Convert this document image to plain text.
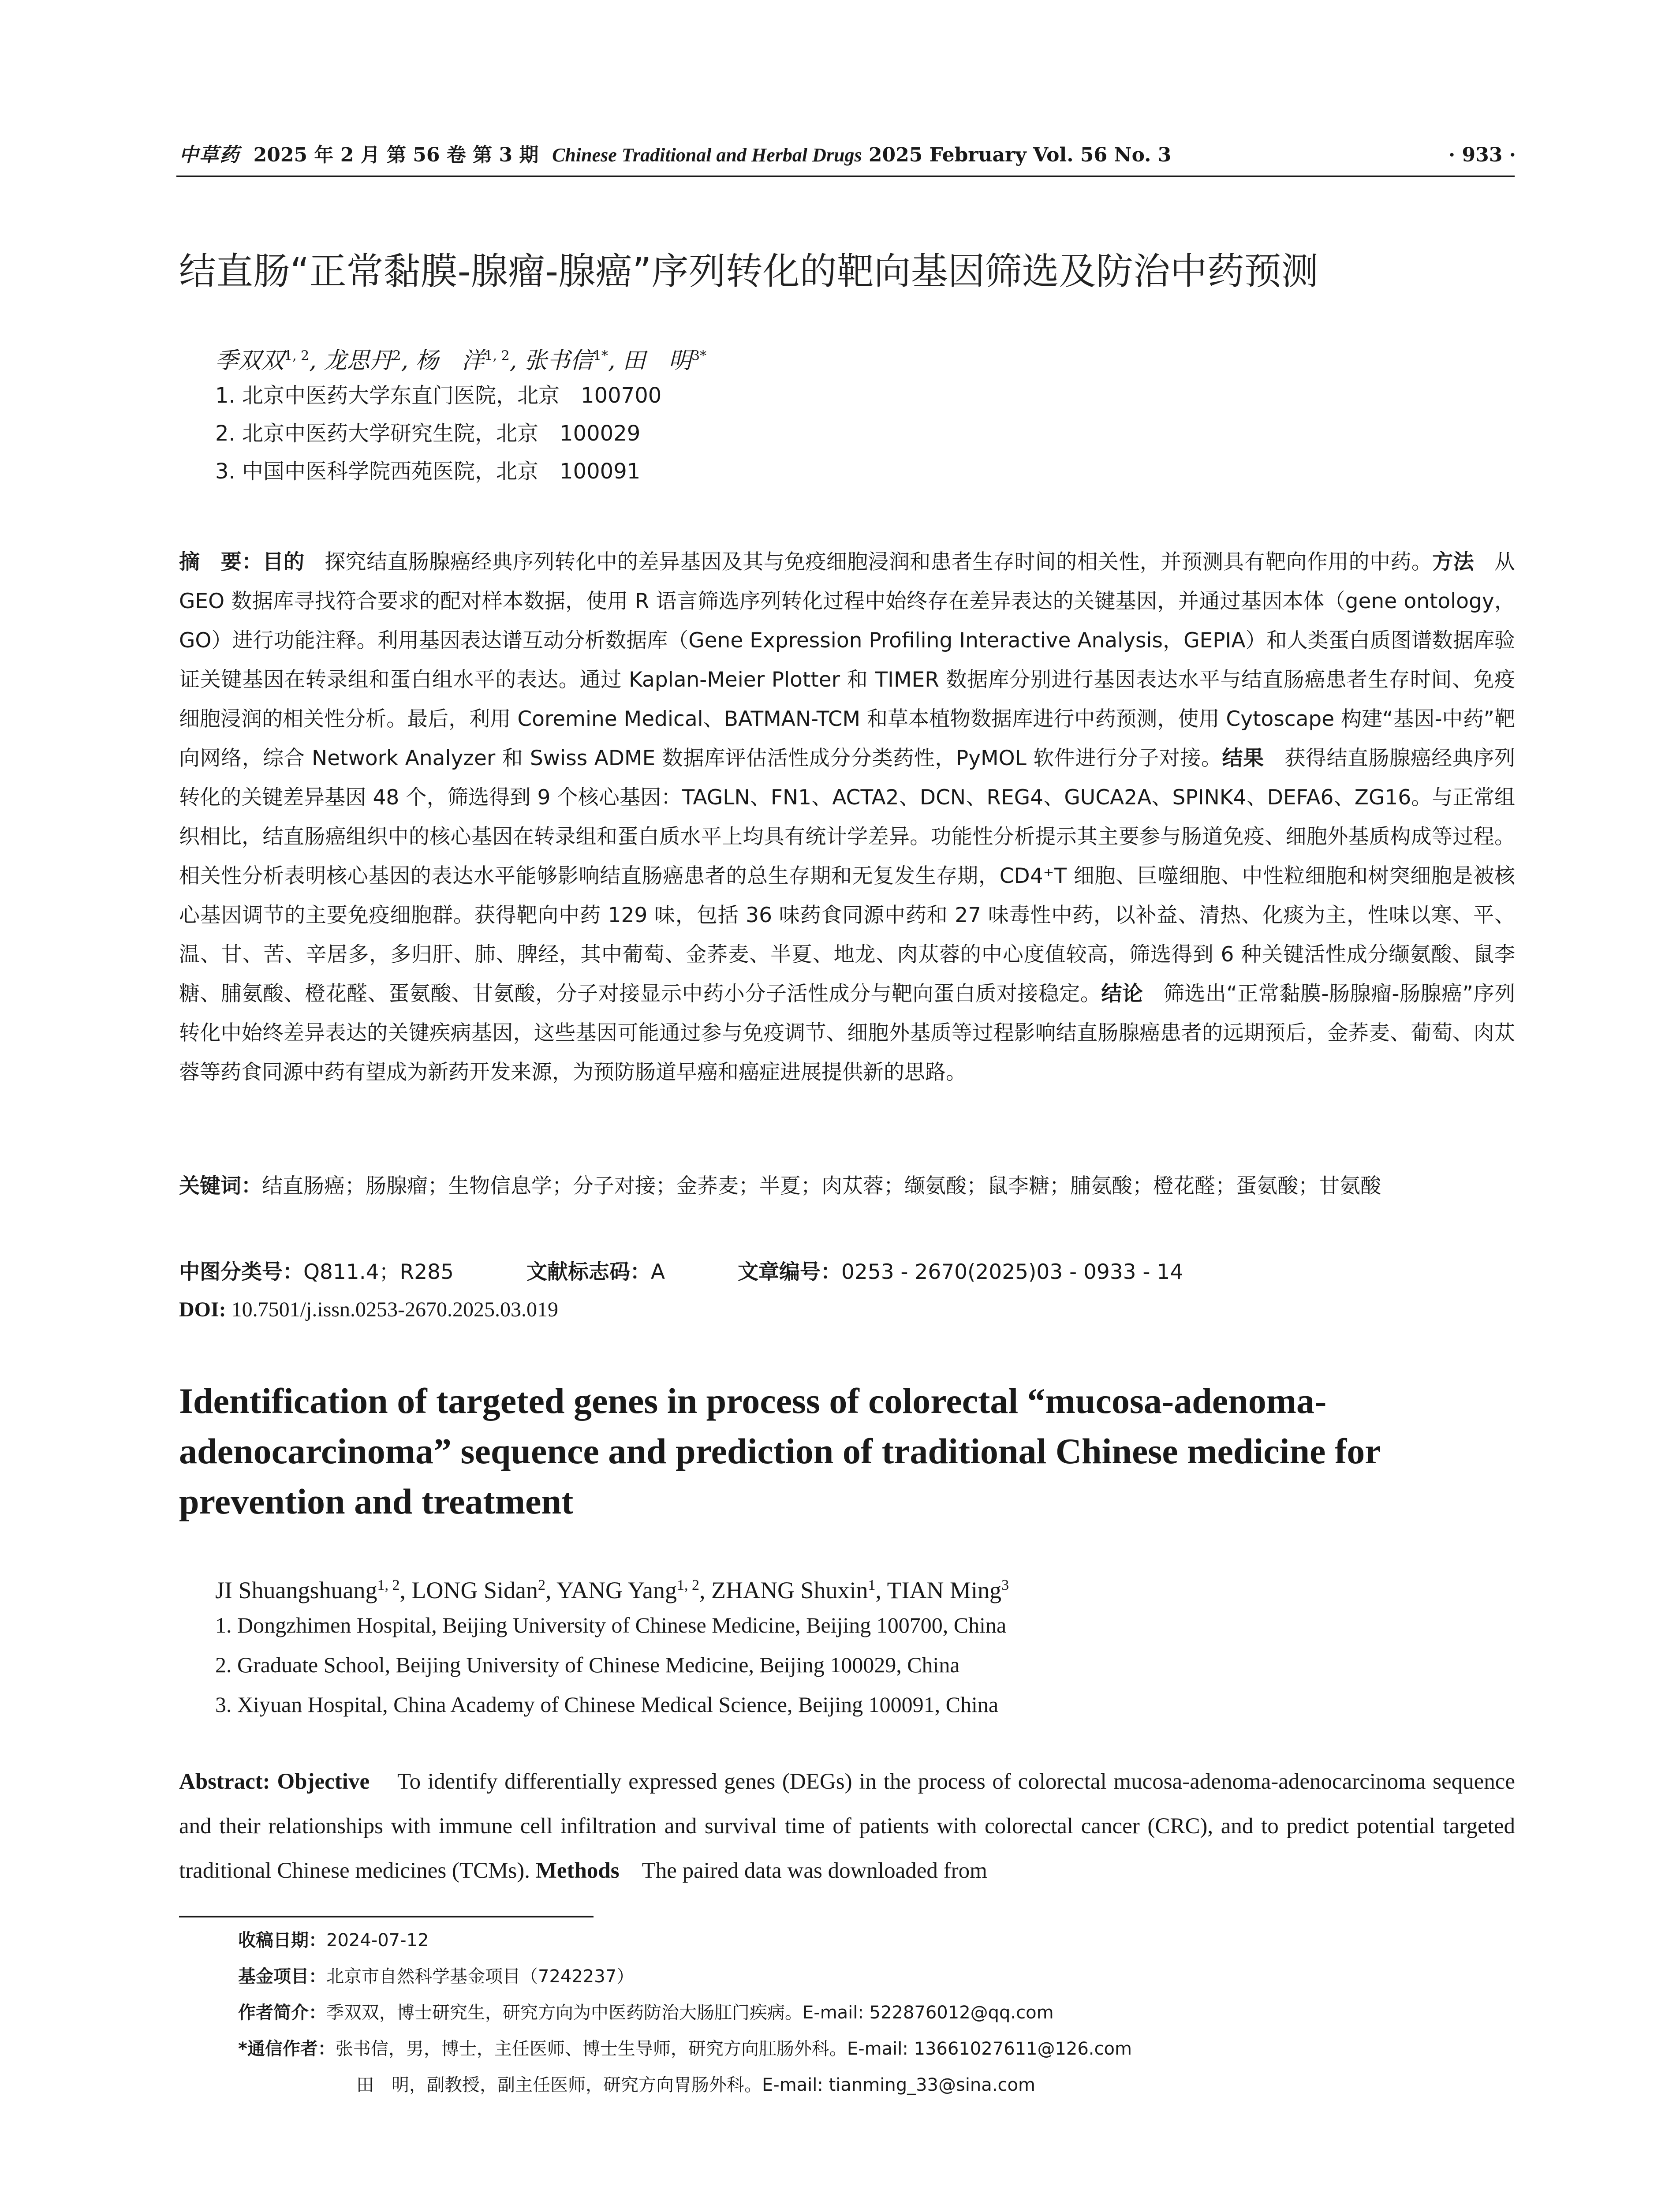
中草药 2025 年 2 月 第 56 卷 第 3 期 Chinese Traditional and Herbal Drugs 2025 February Vol. 56 No. 3	· 933 ·
结直肠“正常黏膜-腺瘤-腺癌”序列转化的靶向基因筛选及防治中药预测
季双双$^{1, 2}$, 龙思丹$^2$, 杨　洋$^{1, 2}$, 张书信$^{1*}$, 田　明$^{3*}$
1. 北京中医药大学东直门医院，北京　100700
2. 北京中医药大学研究生院，北京　100029
3. 中国中医科学院西苑医院，北京　100091
摘　要：目的 探究结直肠腺癌经典序列转化中的差异基因及其与免疫细胞浸润和患者生存时间的相关性，并预测具有靶向作用的中药。方法 从 GEO 数据库寻找符合要求的配对样本数据，使用 R 语言筛选序列转化过程中始终存在差异表达的关键基因，并通过基因本体（gene ontology，GO）进行功能注释。利用基因表达谱互动分析数据库（Gene Expression Profiling Interactive Analysis，GEPIA）和人类蛋白质图谱数据库验证关键基因在转录组和蛋白组水平的表达。通过 Kaplan-Meier Plotter 和 TIMER 数据库分别进行基因表达水平与结直肠癌患者生存时间、免疫细胞浸润的相关性分析。最后，利用 Coremine Medical、BATMAN-TCM 和草本植物数据库进行中药预测，使用 Cytoscape 构建“基因-中药”靶向网络，综合 Network Analyzer 和 Swiss ADME 数据库评估活性成分分类药性，PyMOL 软件进行分子对接。结果 获得结直肠腺癌经典序列转化的关键差异基因 48 个，筛选得到 9 个核心基因：TAGLN、FN1、ACTA2、DCN、REG4、GUCA2A、SPINK4、DEFA6、ZG16。与正常组织相比，结直肠癌组织中的核心基因在转录组和蛋白质水平上均具有统计学差异。功能性分析提示其主要参与肠道免疫、细胞外基质构成等过程。相关性分析表明核心基因的表达水平能够影响结直肠癌患者的总生存期和无复发生存期，CD4⁺T 细胞、巨噬细胞、中性粒细胞和树突细胞是被核心基因调节的主要免疫细胞群。获得靶向中药 129 味，包括 36 味药食同源中药和 27 味毒性中药，以补益、清热、化痰为主，性味以寒、平、温、甘、苦、辛居多，多归肝、肺、脾经，其中葡萄、金荞麦、半夏、地龙、肉苁蓉的中心度值较高，筛选得到 6 种关键活性成分缬氨酸、鼠李糖、脯氨酸、橙花醛、蛋氨酸、甘氨酸，分子对接显示中药小分子活性成分与靶向蛋白质对接稳定。结论 筛选出“正常黏膜-肠腺瘤-肠腺癌”序列转化中始终差异表达的关键疾病基因，这些基因可能通过参与免疫调节、细胞外基质等过程影响结直肠腺癌患者的远期预后，金荞麦、葡萄、肉苁蓉等药食同源中药有望成为新药开发来源，为预防肠道早癌和癌症进展提供新的思路。
关键词：结直肠癌；肠腺瘤；生物信息学；分子对接；金荞麦；半夏；肉苁蓉；缬氨酸；鼠李糖；脯氨酸；橙花醛；蛋氨酸；甘氨酸
中图分类号：Q811.4；R285	文献标志码：A	文章编号：0253 - 2670(2025)03 - 0933 - 14
DOI: 10.7501/j.issn.0253-2670.2025.03.019
Identification of targeted genes in process of colorectal “mucosa-adenoma-adenocarcinoma” sequence and prediction of traditional Chinese medicine for prevention and treatment
JI Shuangshuang$^{1, 2}$, LONG Sidan$^2$, YANG Yang$^{1, 2}$, ZHANG Shuxin$^1$, TIAN Ming$^3$
1. Dongzhimen Hospital, Beijing University of Chinese Medicine, Beijing 100700, China
2. Graduate School, Beijing University of Chinese Medicine, Beijing 100029, China
3. Xiyuan Hospital, China Academy of Chinese Medical Science, Beijing 100091, China
Abstract: Objective To identify differentially expressed genes (DEGs) in the process of colorectal mucosa-adenoma-adenocarcinoma sequence and their relationships with immune cell infiltration and survival time of patients with colorectal cancer (CRC), and to predict potential targeted traditional Chinese medicines (TCMs). Methods The paired data was downloaded from
收稿日期：2024-07-12
基金项目：北京市自然科学基金项目（7242237）
作者简介：季双双，博士研究生，研究方向为中医药防治大肠肛门疾病。E-mail: 522876012@qq.com
*通信作者：张书信，男，博士，主任医师、博士生导师，研究方向肛肠外科。E-mail: 13661027611@126.com
田　明，副教授，副主任医师，研究方向胃肠外科。E-mail: tianming_33@sina.com
